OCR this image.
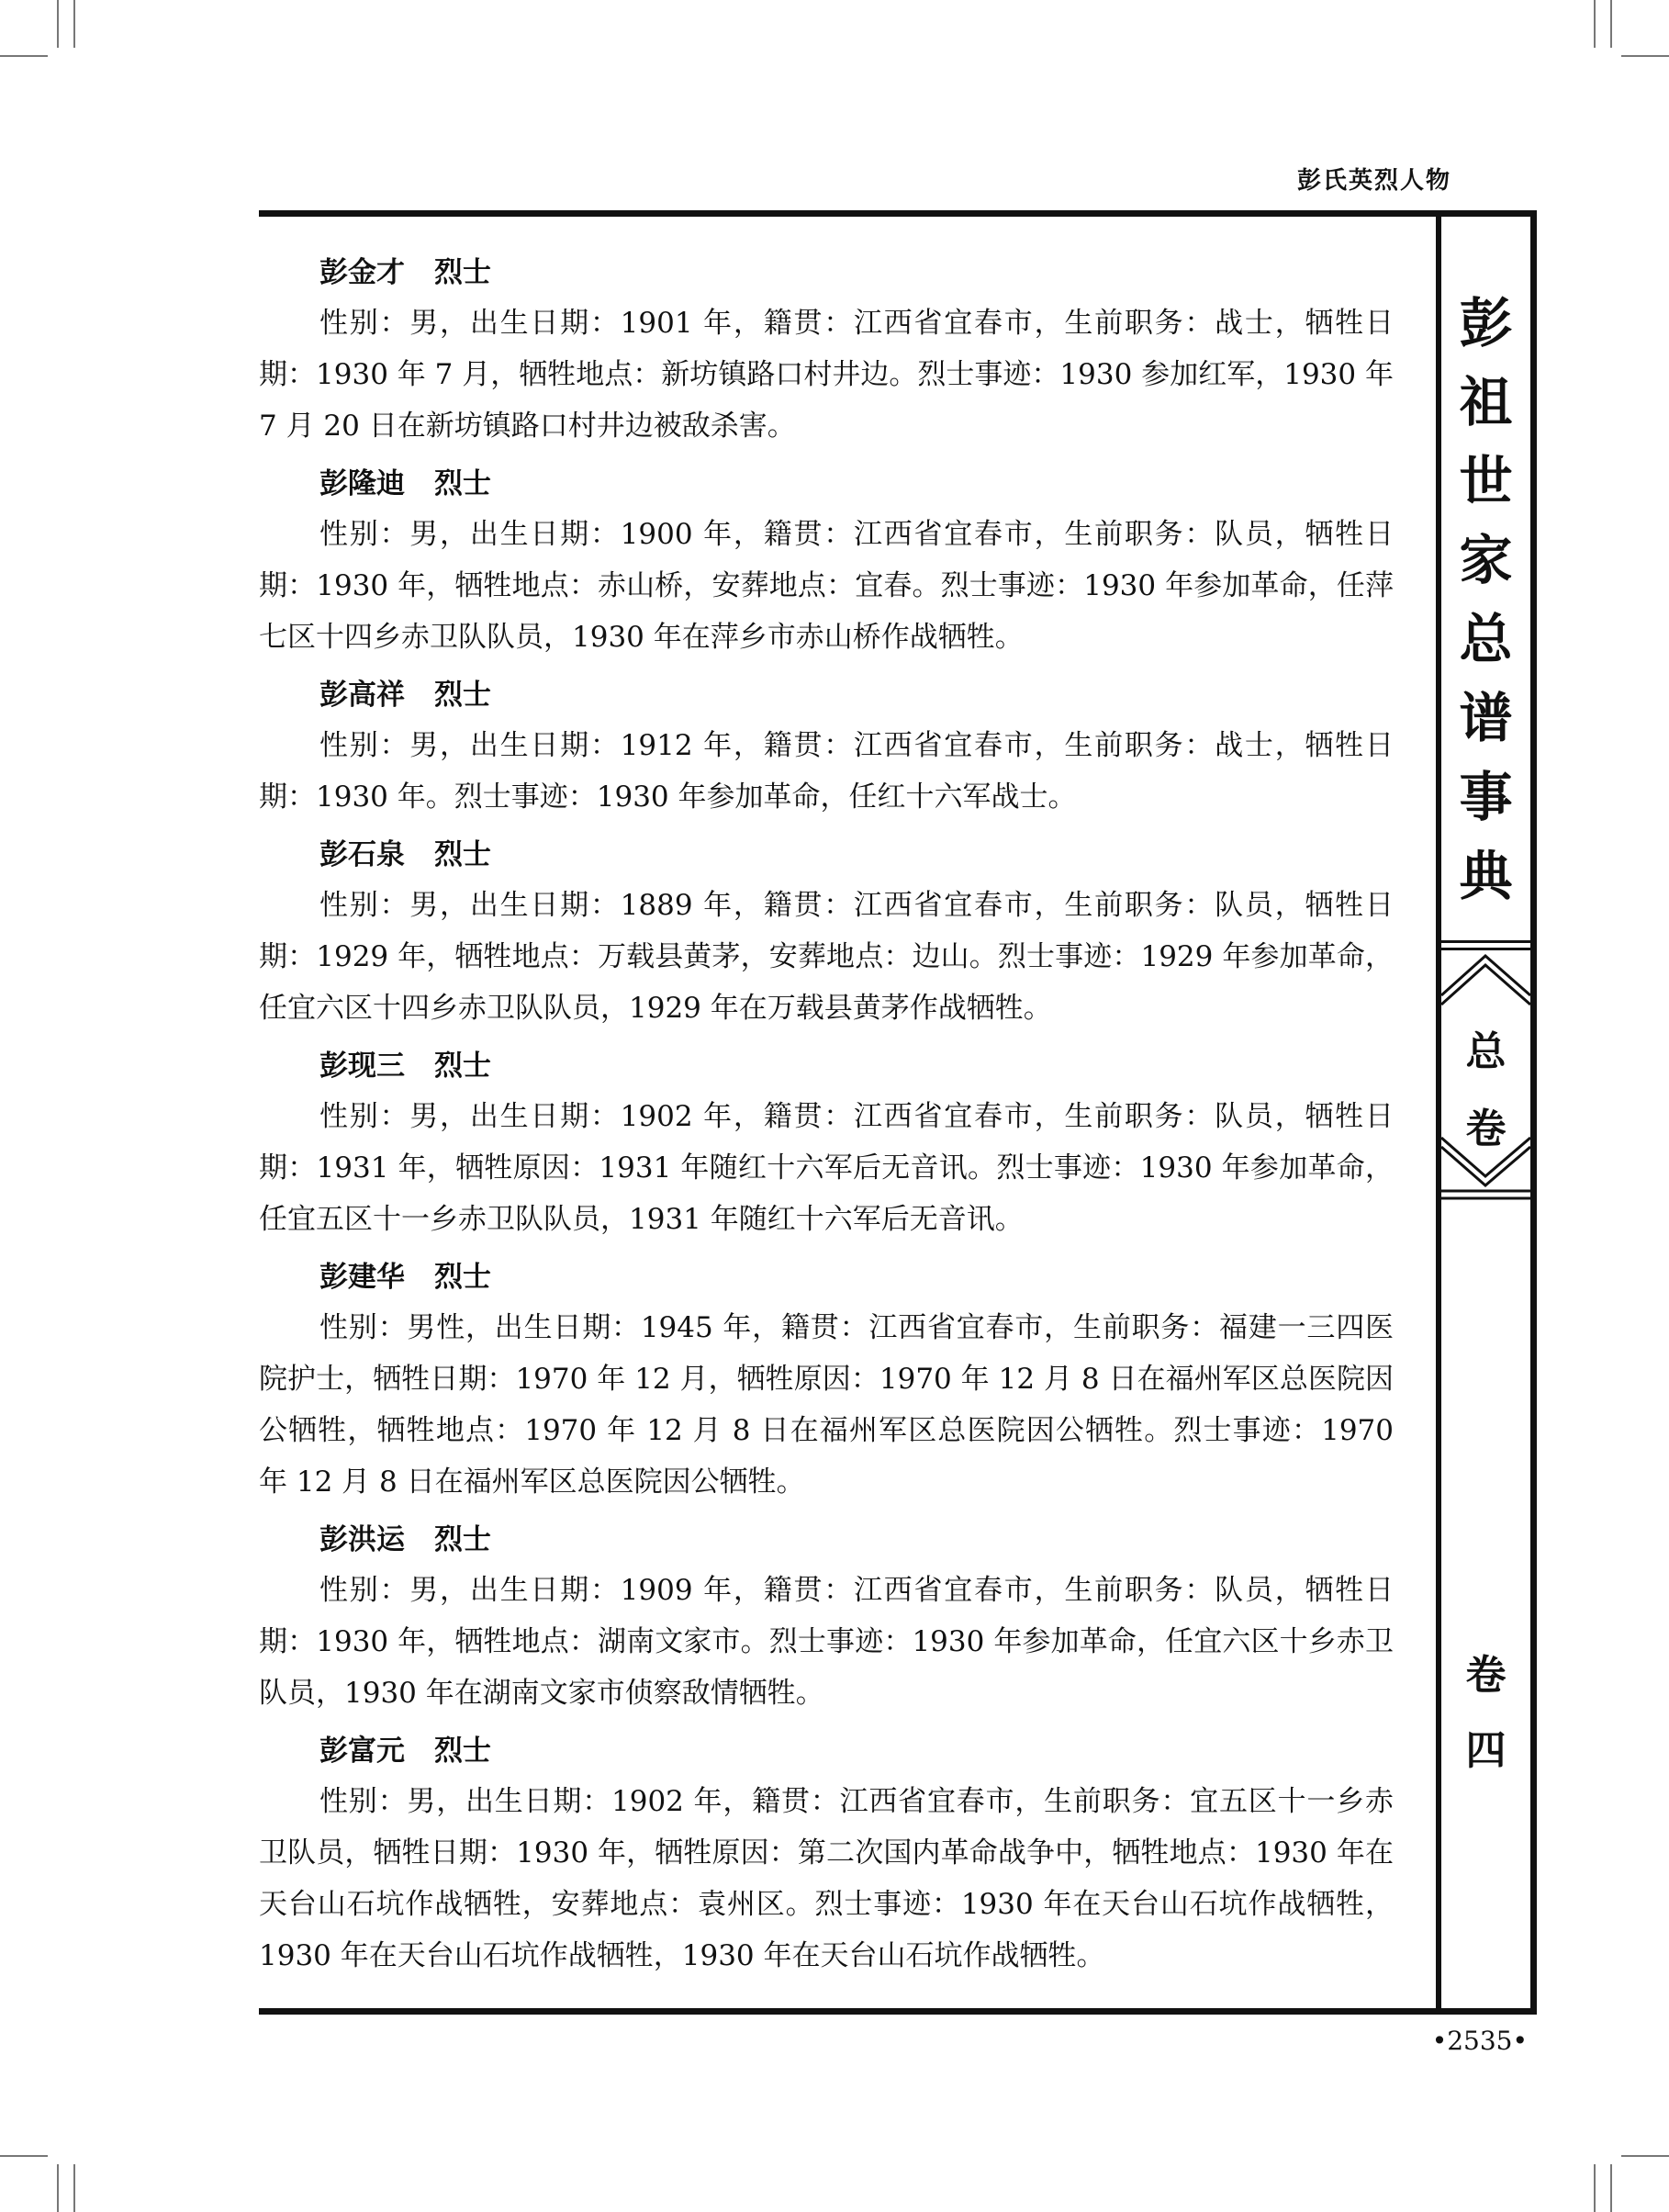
彭氏英烈人物
彭金才 烈士
性别：男，出生日期：1901 年，籍贯：江西省宜春市，生前职务：战士，牺牲日期：1930 年 7 月，牺牲地点：新坊镇路口村井边。烈士事迹：1930 参加红军，1930 年 7 月 20 日在新坊镇路口村井边被敌杀害。
彭隆迪 烈士
性别：男，出生日期：1900 年，籍贯：江西省宜春市，生前职务：队员，牺牲日期：1930 年，牺牲地点：赤山桥，安葬地点：宜春。烈士事迹：1930 年参加革命，任萍七区十四乡赤卫队队员，1930 年在萍乡市赤山桥作战牺牲。
彭高祥 烈士
性别：男，出生日期：1912 年，籍贯：江西省宜春市，生前职务：战士，牺牲日期：1930 年。烈士事迹：1930 年参加革命，任红十六军战士。
彭石泉 烈士
性别：男，出生日期：1889 年，籍贯：江西省宜春市，生前职务：队员，牺牲日期：1929 年，牺牲地点：万载县黄茅，安葬地点：边山。烈士事迹：1929 年参加革命，任宜六区十四乡赤卫队队员，1929 年在万载县黄茅作战牺牲。
彭现三 烈士
性别：男，出生日期：1902 年，籍贯：江西省宜春市，生前职务：队员，牺牲日期：1931 年，牺牲原因：1931 年随红十六军后无音讯。烈士事迹：1930 年参加革命，任宜五区十一乡赤卫队队员，1931 年随红十六军后无音讯。
彭建华 烈士
性别：男性，出生日期：1945 年，籍贯：江西省宜春市，生前职务：福建一三四医院护士，牺牲日期：1970 年 12 月，牺牲原因：1970 年 12 月 8 日在福州军区总医院因公牺牲，牺牲地点：1970 年 12 月 8 日在福州军区总医院因公牺牲。烈士事迹：1970 年 12 月 8 日在福州军区总医院因公牺牲。
彭洪运 烈士
性别：男，出生日期：1909 年，籍贯：江西省宜春市，生前职务：队员，牺牲日期：1930 年，牺牲地点：湖南文家市。烈士事迹：1930 年参加革命，任宜六区十乡赤卫队员，1930 年在湖南文家市侦察敌情牺牲。
彭富元 烈士
性别：男，出生日期：1902 年，籍贯：江西省宜春市，生前职务：宜五区十一乡赤卫队员，牺牲日期：1930 年，牺牲原因：第二次国内革命战争中，牺牲地点：1930 年在天台山石坑作战牺牲，安葬地点：袁州区。烈士事迹：1930 年在天台山石坑作战牺牲，1930 年在天台山石坑作战牺牲，1930 年在天台山石坑作战牺牲。
彭
祖
世
家
总
谱
事
典
总
卷
卷
四
•2535•
